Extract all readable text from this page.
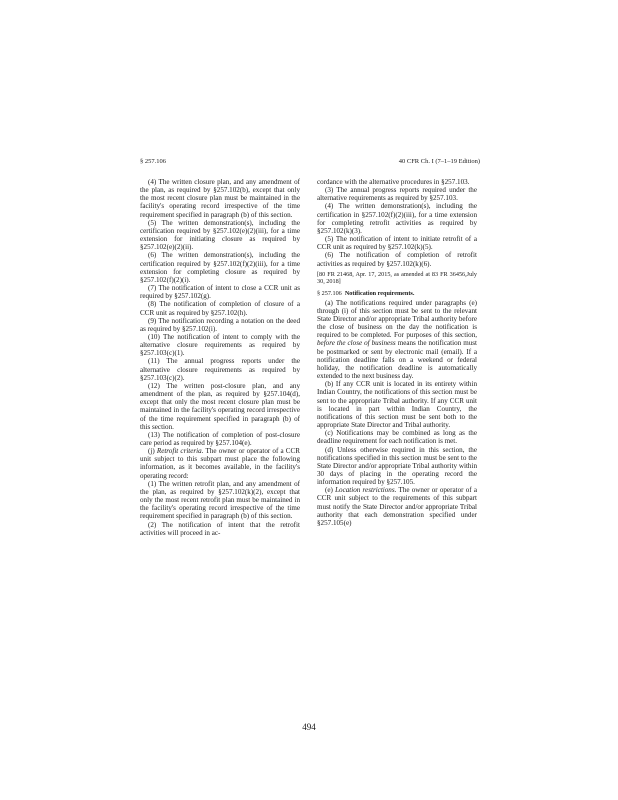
§ 257.106	40 CFR Ch. I (7–1–19 Edition)

(4) The written closure plan, and any amendment of the plan, as required by §257.102(b), except that only the most recent closure plan must be maintained in the facility's operating record irrespective of the time requirement specified in paragraph (b) of this section.

(5) The written demonstration(s), including the certification required by §257.102(e)(2)(iii), for a time extension for initiating closure as required by §257.102(e)(2)(ii).

(6) The written demonstration(s), including the certification required by §257.102(f)(2)(iii), for a time extension for completing closure as required by §257.102(f)(2)(i).

(7) The notification of intent to close a CCR unit as required by §257.102(g).

(8) The notification of completion of closure of a CCR unit as required by §257.102(h).

(9) The notification recording a notation on the deed as required by §257.102(i).

(10) The notification of intent to comply with the alternative closure requirements as required by §257.103(c)(1).

(11) The annual progress reports under the alternative closure requirements as required by §257.103(c)(2).

(12) The written post-closure plan, and any amendment of the plan, as required by §257.104(d), except that only the most recent closure plan must be maintained in the facility's operating record irrespective of the time requirement specified in paragraph (b) of this section.

(13) The notification of completion of post-closure care period as required by §257.104(e).

(j) Retrofit criteria. The owner or operator of a CCR unit subject to this subpart must place the following information, as it becomes available, in the facility's operating record:

(1) The written retrofit plan, and any amendment of the plan, as required by §257.102(k)(2), except that only the most recent retrofit plan must be maintained in the facility's operating record irrespective of the time requirement specified in paragraph (b) of this section.

(2) The notification of intent that the retrofit activities will proceed in ac-

cordance with the alternative procedures in §257.103.

(3) The annual progress reports required under the alternative requirements as required by §257.103.

(4) The written demonstration(s), including the certification in §257.102(f)(2)(iii), for a time extension for completing retrofit activities as required by §257.102(k)(3).

(5) The notification of intent to initiate retrofit of a CCR unit as required by §257.102(k)(5).

(6) The notification of completion of retrofit activities as required by §257.102(k)(6).

[80 FR 21468, Apr. 17, 2015, as amended at 83 FR 36456,July 30, 2018]

§ 257.106 Notification requirements.

(a) The notifications required under paragraphs (e) through (i) of this section must be sent to the relevant State Director and/or appropriate Tribal authority before the close of business on the day the notification is required to be completed. For purposes of this section, before the close of business means the notification must be postmarked or sent by electronic mail (email). If a notification deadline falls on a weekend or federal holiday, the notification deadline is automatically extended to the next business day.

(b) If any CCR unit is located in its entirety within Indian Country, the notifications of this section must be sent to the appropriate Tribal authority. If any CCR unit is located in part within Indian Country, the notifications of this section must be sent both to the appropriate State Director and Tribal authority.

(c) Notifications may be combined as long as the deadline requirement for each notification is met.

(d) Unless otherwise required in this section, the notifications specified in this section must be sent to the State Director and/or appropriate Tribal authority within 30 days of placing in the operating record the information required by §257.105.

(e) Location restrictions. The owner or operator of a CCR unit subject to the requirements of this subpart must notify the State Director and/or appropriate Tribal authority that each demonstration specified under §257.105(e)

494
